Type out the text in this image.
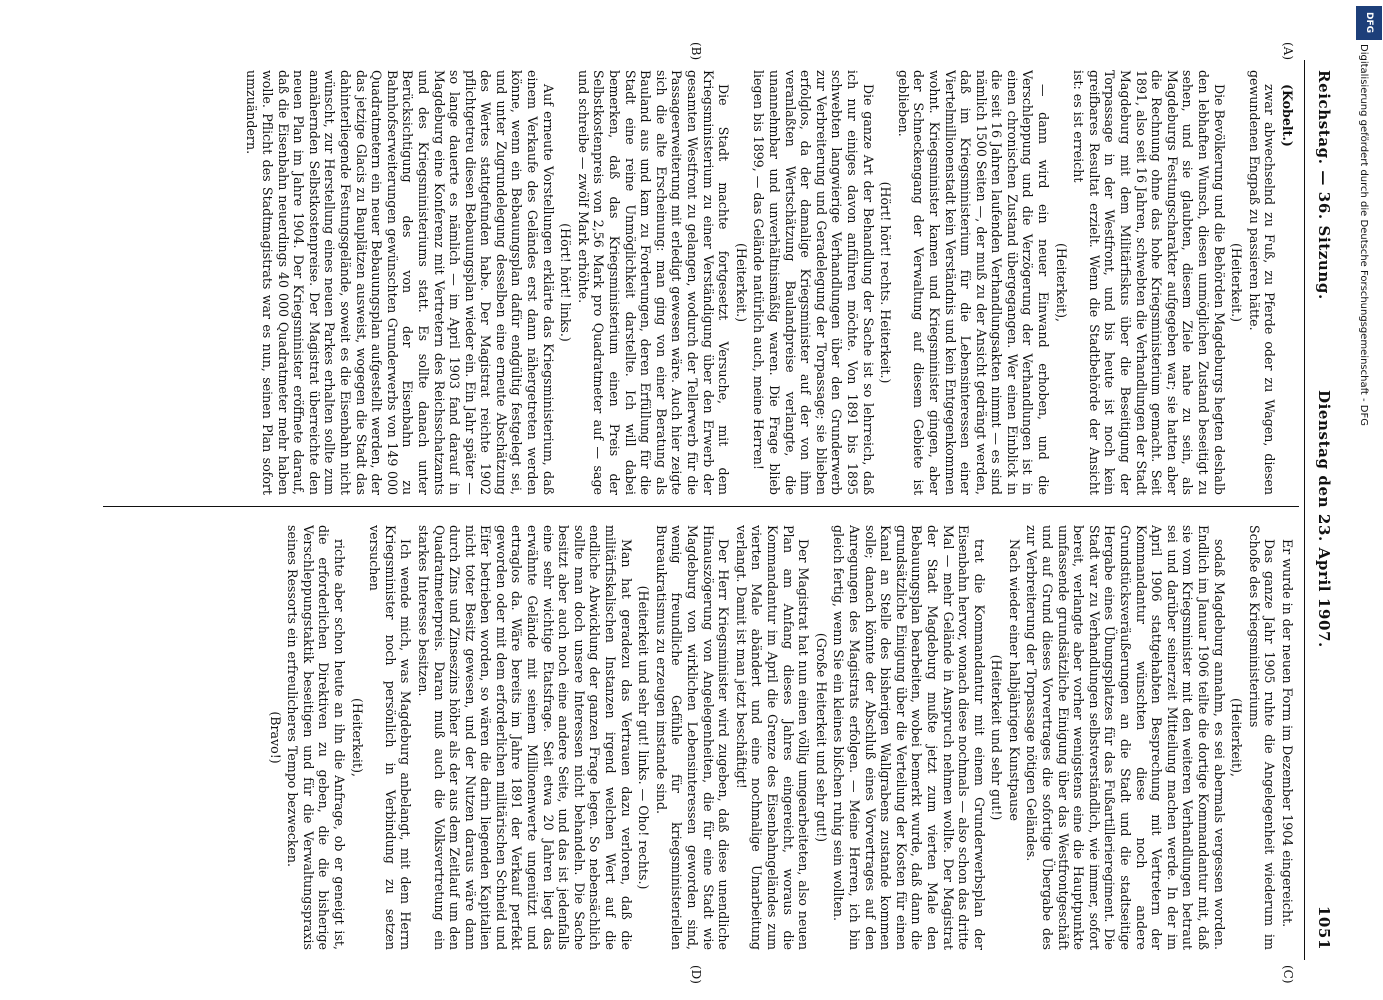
DFG
Digitalisierung gefördert durch die Deutsche Forschungsgemeinschaft - DFG
Reichstag. — 36. Sitzung.
Dienstag den 23. April 1907.
1051
(A)
(B)
(C)
(D)

(Kobelt.)

zwar abwechselnd zu Fuß, zu Pferde oder zu Wagen, diesen gewundenen Engpaß zu passieren hätte.

(Heiterkeit.)

Die Bevölkerung und die Behörden Magdeburgs hegten deshalb den lebhaften Wunsch, diesen unmöglichen Zustand beseitigt zu sehen, und sie glaubten, diesem Ziele nahe zu sein, als Magdeburgs Festungscharakter aufgegeben war; sie hatten aber die Rechnung ohne das hohe Kriegsministerium gemacht. Seit 1891, also seit 16 Jahren, schwebten die Verhandlungen der Stadt Magdeburg mit dem Militärfiskus über die Beseitigung der Torpassage in der Westfront, und bis heute ist noch kein greifbares Resultat erzielt. Wenn die Stadtbehörde der Ansicht ist: es ist erreicht

(Heiterkeit),

— dann wird ein neuer Einwand erhoben, und die Verschleppung und die Verzögerung der Verhandlungen ist in einen chronischen Zustand übergegangen. Wer einen Einblick in die seit 16 Jahren laufenden Verhandlungsakten nimmt — es sind nämlich 1500 Seiten —, der muß zu der Ansicht gedrängt werden, daß im Kriegsministerium für die Lebensinteressen einer Viertelmillionenstadt kein Verständnis und kein Entgegenkommen wohnt. Kriegsminister kamen und Kriegsminister gingen, aber der Schneckengang der Verwaltung auf diesem Gebiete ist geblieben.

(Hört! hört! rechts. Heiterkeit.)

Die ganze Art der Behandlung der Sache ist so lehrreich, daß ich nur einiges davon anführen möchte. Von 1891 bis 1895 schwebten langwierige Verhandlungen über den Grunderwerb zur Verbreiterung und Geradelegung der Torpassage; sie blieben erfolglos, da der damalige Kriegsminister auf der von ihm veranlaßten Wertschätzung Baulandpreise verlangte, die unannehmbar und unverhältnismäßig waren. Die Frage blieb liegen bis 1899, — das Gelände natürlich auch, meine Herren!

(Heiterkeit.)

Die Stadt machte fortgesetzt Versuche, mit dem Kriegsministerium zu einer Verständigung über den Erwerb der gesamten Westfront zu gelangen, wodurch der Tellerwerb für die Passageerweiterung mit erledigt gewesen wäre. Auch hier zeigte sich die alte Erscheinung: man ging von einer Beratung als Bauland aus und kam zu Forderungen, deren Erfüllung für die Stadt eine reine Unmöglichkeit darstellte. Ich will dabei bemerken, daß das Kriegsministerium einen Preis der Selbstkostenpreis von 2,56 Mark pro Quadratmeter auf — sage und schreibe — zwölf Mark erhöhte.

(Hört! hört! links.)

Auf erneute Vorstellungen erklärte das Kriegsministerium, daß einem Verkaufe des Geländes erst dann nähergetreten werden könne, wenn ein Bebauungsplan dafür endgültig festgelegt sei, und unter Zugrundelegung desselben eine erneute Abschätzung des Wertes stattgefunden habe. Der Magistrat reichte 1902 pflichtgetreu diesen Bebauungsplan wieder ein. Ein Jahr später — so lange dauerte es nämlich — im April 1903 fand darauf in Magdeburg eine Konferenz mit Vertretern des Reichsschatzamts und des Kriegsministeriums statt. Es sollte danach unter Berücksichtigung des von der Eisenbahn zu Bahnhofserweiterungen gewünschten Grunderwerbs von 149 000 Quadratmetern ein neuer Bebauungsplan aufgestellt werden, der das jetzige Glacis zu Bauplätzen ausweist, wogegen die Stadt das dahinterliegende Festungsgelände, soweit es die Eisenbahn nicht wünscht, zur Herstellung eines neuen Parkes erhalten sollte zum annähernden Selbstkostenpreise. Der Magistrat überreichte den neuen Plan im Jahre 1904. Der Kriegsminister eröffnete darauf, daß die Eisenbahn neuerdings 40 000 Quadratmeter mehr haben wolle. Pflicht des Stadtmagistrats war es nun, seinen Plan sofort umzuändern.

Er wurde in der neuen Form im Dezember 1904 eingereicht.

Das ganze Jahr 1905 ruhte die Angelegenheit wiederum im Schoße des Kriegsministeriums

(Heiterkeit),

sodaß Magdeburg annahm, es sei abermals vergessen worden. Endlich im Januar 1906 teilte die dortige Kommandantur mit, daß sie vom Kriegsminister mit den weiteren Verhandlungen betraut sei und darüber seinerzeit Mitteilung machen werde. In der im April 1906 stattgehabten Besprechung mit Vertretern der Kommandantur wünschten diese noch andere Grundstücksveräußerungen an die Stadt und die stadtseitige Hergabe eines Übungsplatzes für das Fußartillerieregiment. Die Stadt war zu Verhandlungen selbstverständlich, wie immer, sofort bereit, verlangte aber vorher wenigstens eine die Hauptpunkte umfassende grundsätzliche Einigung über das Westfrontgeschäft und auf Grund dieses Vorvertrages die sofortige Übergabe des zur Verbreiterung der Torpassage nötigen Geländes.

Nach wieder einer halbjährigen Kunstpause

(Heiterkeit und sehr gut!)

trat die Kommandantur mit einem Grunderwerbsplan der Eisenbahn hervor, wonach diese nochmals — also schon das dritte Mal — mehr Gelände in Anspruch nehmen wollte. Der Magistrat der Stadt Magdeburg mußte jetzt zum vierten Male den Bebauungsplan bearbeiten, wobei bemerkt wurde, daß dann die grundsätzliche Einigung über die Verteilung der Kosten für einen Kanal an Stelle des bisherigen Wallgrabens zustande kommen solle; danach könnte der Abschluß eines Vorvertrages auf den Anregungen des Magistrats erfolgen. — Meine Herren, ich bin gleich fertig, wenn Sie ein kleines bißchen ruhig sein wollten.

(Große Heiterkeit und sehr gut!)

Der Magistrat hat nun einen völlig umgearbeiteten, also neuen Plan am Anfang dieses Jahres eingereicht, woraus die Kommandantur im April die Grenze des Eisenbahngeländes zum vierten Male abändert und eine nochmalige Umarbeitung verlangt. Damit ist man jetzt beschäftigt!

Der Herr Kriegsminister wird zugeben, daß diese unendliche Hinauszögerung von Angelegenheiten, die für eine Stadt wie Magdeburg von wirklichen Lebensinteressen geworden sind, wenig freundliche Gefühle für kriegsministeriellen Bureaukratismus zu erzeugen imstande sind.

(Heiterkeit und sehr gut! links. — Oho! rechts.)

Man hat geradezu das Vertrauen dazu verloren, daß die militärfiskalischen Instanzen irgend welchen Wert auf die endliche Abwicklung der ganzen Frage legen. So nebensächlich sollte man doch unsere Interessen nicht behandeln. Die Sache besitzt aber auch noch eine andere Seite, und das ist jedenfalls eine sehr wichtige Etatsfrage. Seit etwa 20 Jahren liegt das erwähnte Gelände mit seinem Millionenwerte ungenützt und ertraglos da. Wäre bereits im Jahre 1891 der Verkauf perfekt geworden oder mit dem erforderlichen militärischen Schneid und Eifer betrieben worden, so wären die darin liegenden Kapitalien nicht toter Besitz gewesen, und der Nutzen daraus wäre dann durch Zins und Zinseszins höher als der aus dem Zeitlauf um den Quadratmeterpreis. Daran muß auch die Volksvertretung ein starkes Interesse besitzen.

Ich wende mich, was Magdeburg anbelangt, mit dem Herrn Kriegsminister noch persönlich in Verbindung zu setzen versuchen

(Heiterkeit),

richte aber schon heute an ihn die Anfrage, ob er geneigt ist, die erforderlichen Direktiven zu geben, die die bisherige Verschleppungstaktik beseitigen und für die Verwaltungspraxis seines Ressorts ein erfreulicheres Tempo bezwecken.

(Bravo!)
